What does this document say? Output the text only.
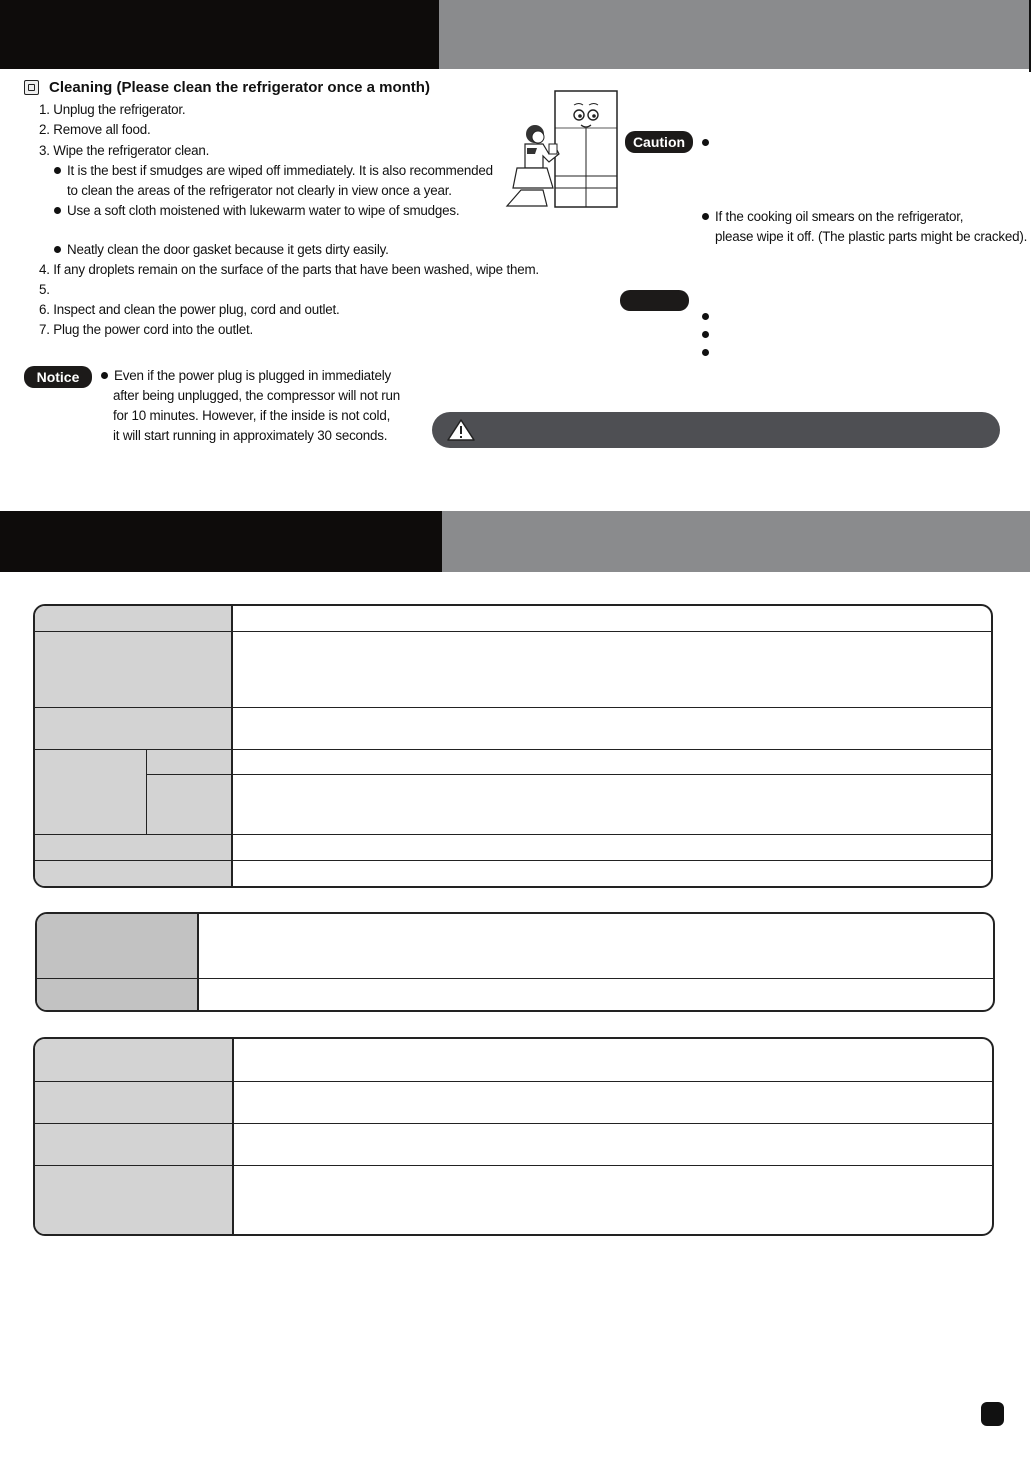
Cleaning (Please clean the refrigerator once a month)
1. Unplug the refrigerator.
2. Remove all food.
3. Wipe the refrigerator clean.
It is the best if smudges are wiped off immediately. It is also recommended
to clean the areas of the refrigerator not clearly in view once a year.
Use a soft cloth moistened with lukewarm water to wipe of smudges.
Neatly clean the door gasket because it gets dirty easily.
4. If any droplets remain on the surface of the parts that have been washed, wipe them.
5.
6. Inspect and clean the power plug, cord and outlet.
7. Plug the power cord into the outlet.
Notice	Even if the power plug is plugged in immediately
after being unplugged, the compressor will not run
for 10 minutes. However, if the inside is not cold,
it will start running in approximately 30 seconds.
Caution
If the cooking oil smears on the refrigerator,
please wipe it off. (The plastic parts might be cracked).
